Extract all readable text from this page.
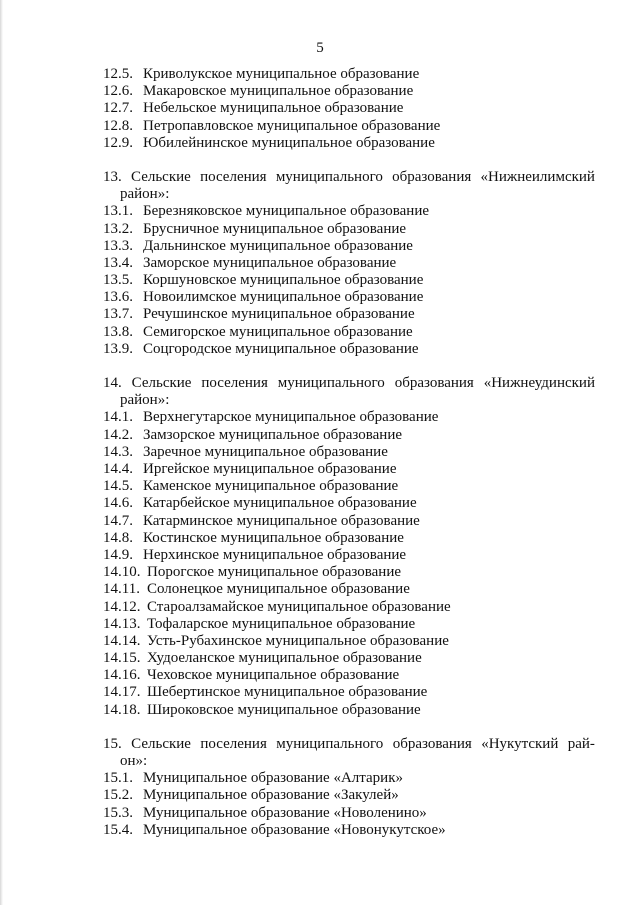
5
12.5. Криволукское муниципальное образование
12.6. Макаровское муниципальное образование
12.7. Небельское муниципальное образование
12.8. Петропавловское муниципальное образование
12.9. Юбилейнинское муниципальное образование
13. Сельские поселения муниципального образования «Нижнеилимский
район»:
13.1. Березняковское муниципальное образование
13.2. Брусничное муниципальное образование
13.3. Дальнинское муниципальное образование
13.4. Заморское муниципальное образование
13.5. Коршуновское муниципальное образование
13.6. Новоилимское муниципальное образование
13.7. Речушинское муниципальное образование
13.8. Семигорское муниципальное образование
13.9. Соцгородское муниципальное образование
14. Сельские поселения муниципального образования «Нижнеудинский
район»:
14.1. Верхнегутарское муниципальное образование
14.2. Замзорское муниципальное образование
14.3. Заречное муниципальное образование
14.4. Иргейское муниципальное образование
14.5. Каменское муниципальное образование
14.6. Катарбейское муниципальное образование
14.7. Катарминское муниципальное образование
14.8. Костинское муниципальное образование
14.9. Нерхинское муниципальное образование
14.10. Порогское муниципальное образование
14.11. Солонецкое муниципальное образование
14.12. Староалзамайское муниципальное образование
14.13. Тофаларское муниципальное образование
14.14. Усть-Рубахинское муниципальное образование
14.15. Худоеланское муниципальное образование
14.16. Чеховское муниципальное образование
14.17. Шебертинское муниципальное образование
14.18. Широковское муниципальное образование
15. Сельские поселения муниципального образования «Нукутский рай-
он»:
15.1. Муниципальное образование «Алтарик»
15.2. Муниципальное образование «Закулей»
15.3. Муниципальное образование «Новоленино»
15.4. Муниципальное образование «Новонукутское»
